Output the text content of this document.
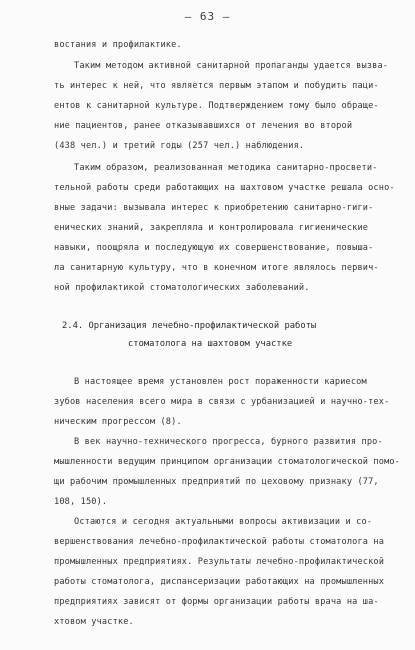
— 63 —
востания и профилактике.
Таким методом активной санитарной пропаганды удается вызва-
ть интерес к ней, что является первым этапом и побудить паци-
ентов к санитарной культуре. Подтверждением тому было обраще-
ние пациентов, ранее отказывавшихся от лечения во второй
(438 чел.) и третий годы (257 чел.) наблюдения.
Таким образом, реализованная методика санитарно-просвети-
тельной работы среди работающих на шахтовом участке решала осно-
вные задачи: вызывала интерес к приобретению санитарно-гиги-
енических знаний, закрепляла и контролировала гигиенические
навыки, поощряла и последующую их совершенствование, повыша-
ла санитарную культуру, что в конечном итоге являлось первич-
ной профилактикой стоматологических заболеваний.
2.4. Организация лечебно-профилактической работы
стоматолога на шахтовом участке
В настоящее время установлен рост пораженности кариесом
зубов населения всего мира в связи с урбанизацией и научно-тех-
ническим прогрессом (8).
В век научно-технического прогресса, бурного развития про-
мышленности ведущим принципом организации стоматологической помо-
щи рабочим промышленных предприятий по цеховому признаку (77,
108, 150).
Остаются и сегодня актуальными вопросы активизации и со-
вершенствования лечебно-профилактической работы стоматолога на
промышленных предприятиях. Результаты лечебно-профилактической
работы стоматолога, диспансеризации работающих на промышленных
предприятиях зависят от формы организации работы врача на ша-
хтовом участке.
